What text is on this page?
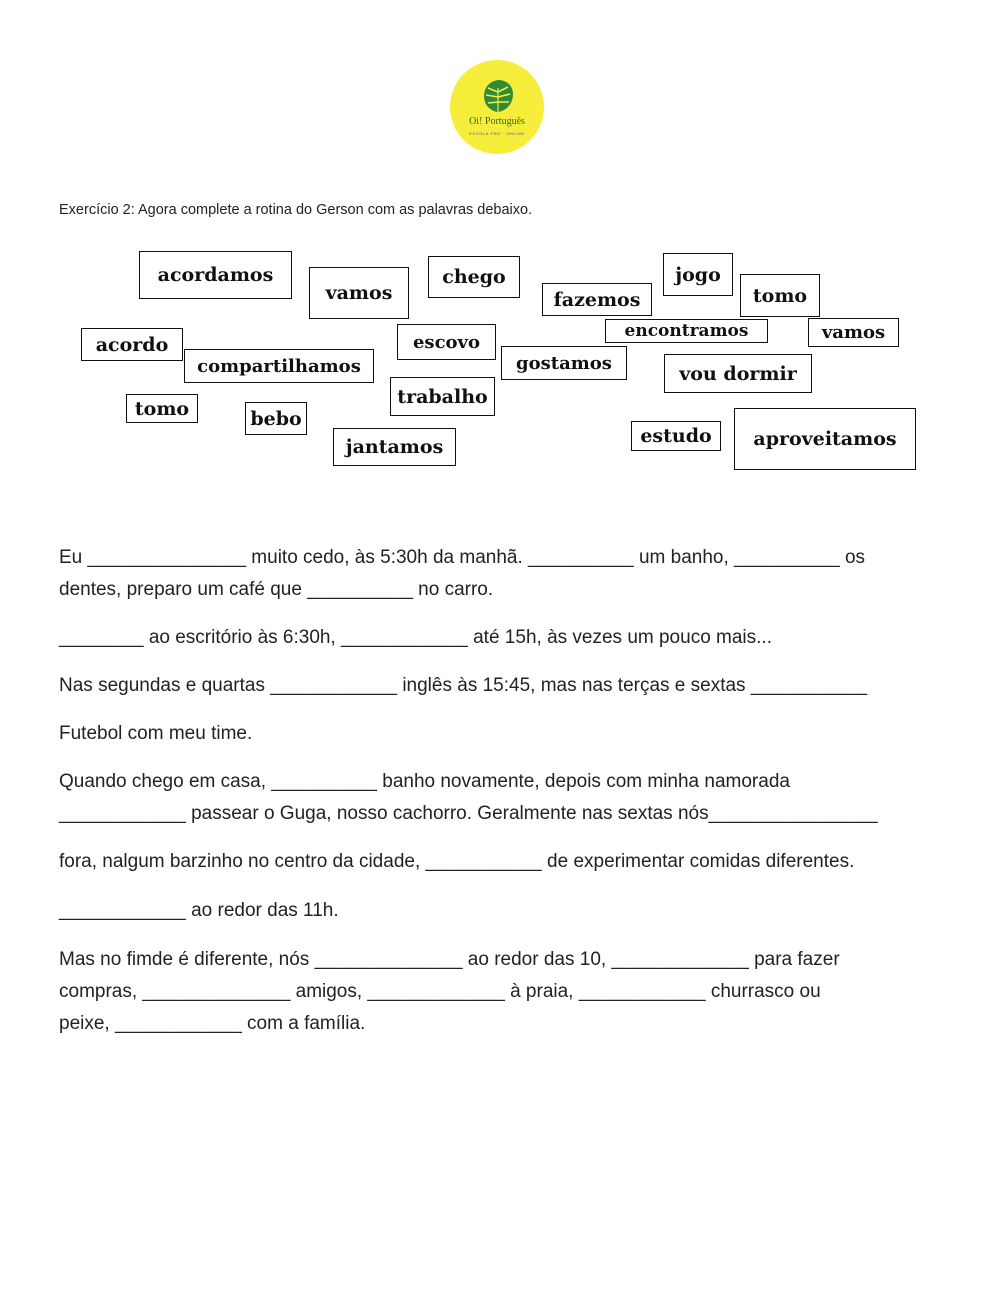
Oi! Português
ESCOLA PRO · ONLINE
Exercício 2: Agora complete a rotina do Gerson com as palavras debaixo.
acordamos
vamos
chego
fazemos
jogo
tomo
acordo
compartilhamos
escovo
gostamos
encontramos	vamos
vou dormir
tomo	bebo
trabalho
jantamos	estudo	aproveitamos
Eu _______________ muito cedo, às 5:30h da manhã. __________ um banho, __________ os
dentes, preparo um café que __________ no carro.
________ ao escritório às 6:30h, ____________ até 15h, às vezes um pouco mais...
Nas segundas e quartas ____________ inglês às 15:45, mas nas terças e sextas ___________
Futebol com meu time.
Quando chego em casa, __________ banho novamente, depois com minha namorada
____________ passear o Guga, nosso cachorro. Geralmente nas sextas nós________________
fora, nalgum barzinho no centro da cidade, ___________ de experimentar comidas diferentes.
____________ ao redor das 11h.
Mas no fimde é diferente, nós ______________ ao redor das 10, _____________ para fazer
compras, ______________ amigos, _____________ à praia, ____________ churrasco ou
peixe, ____________ com a família.
